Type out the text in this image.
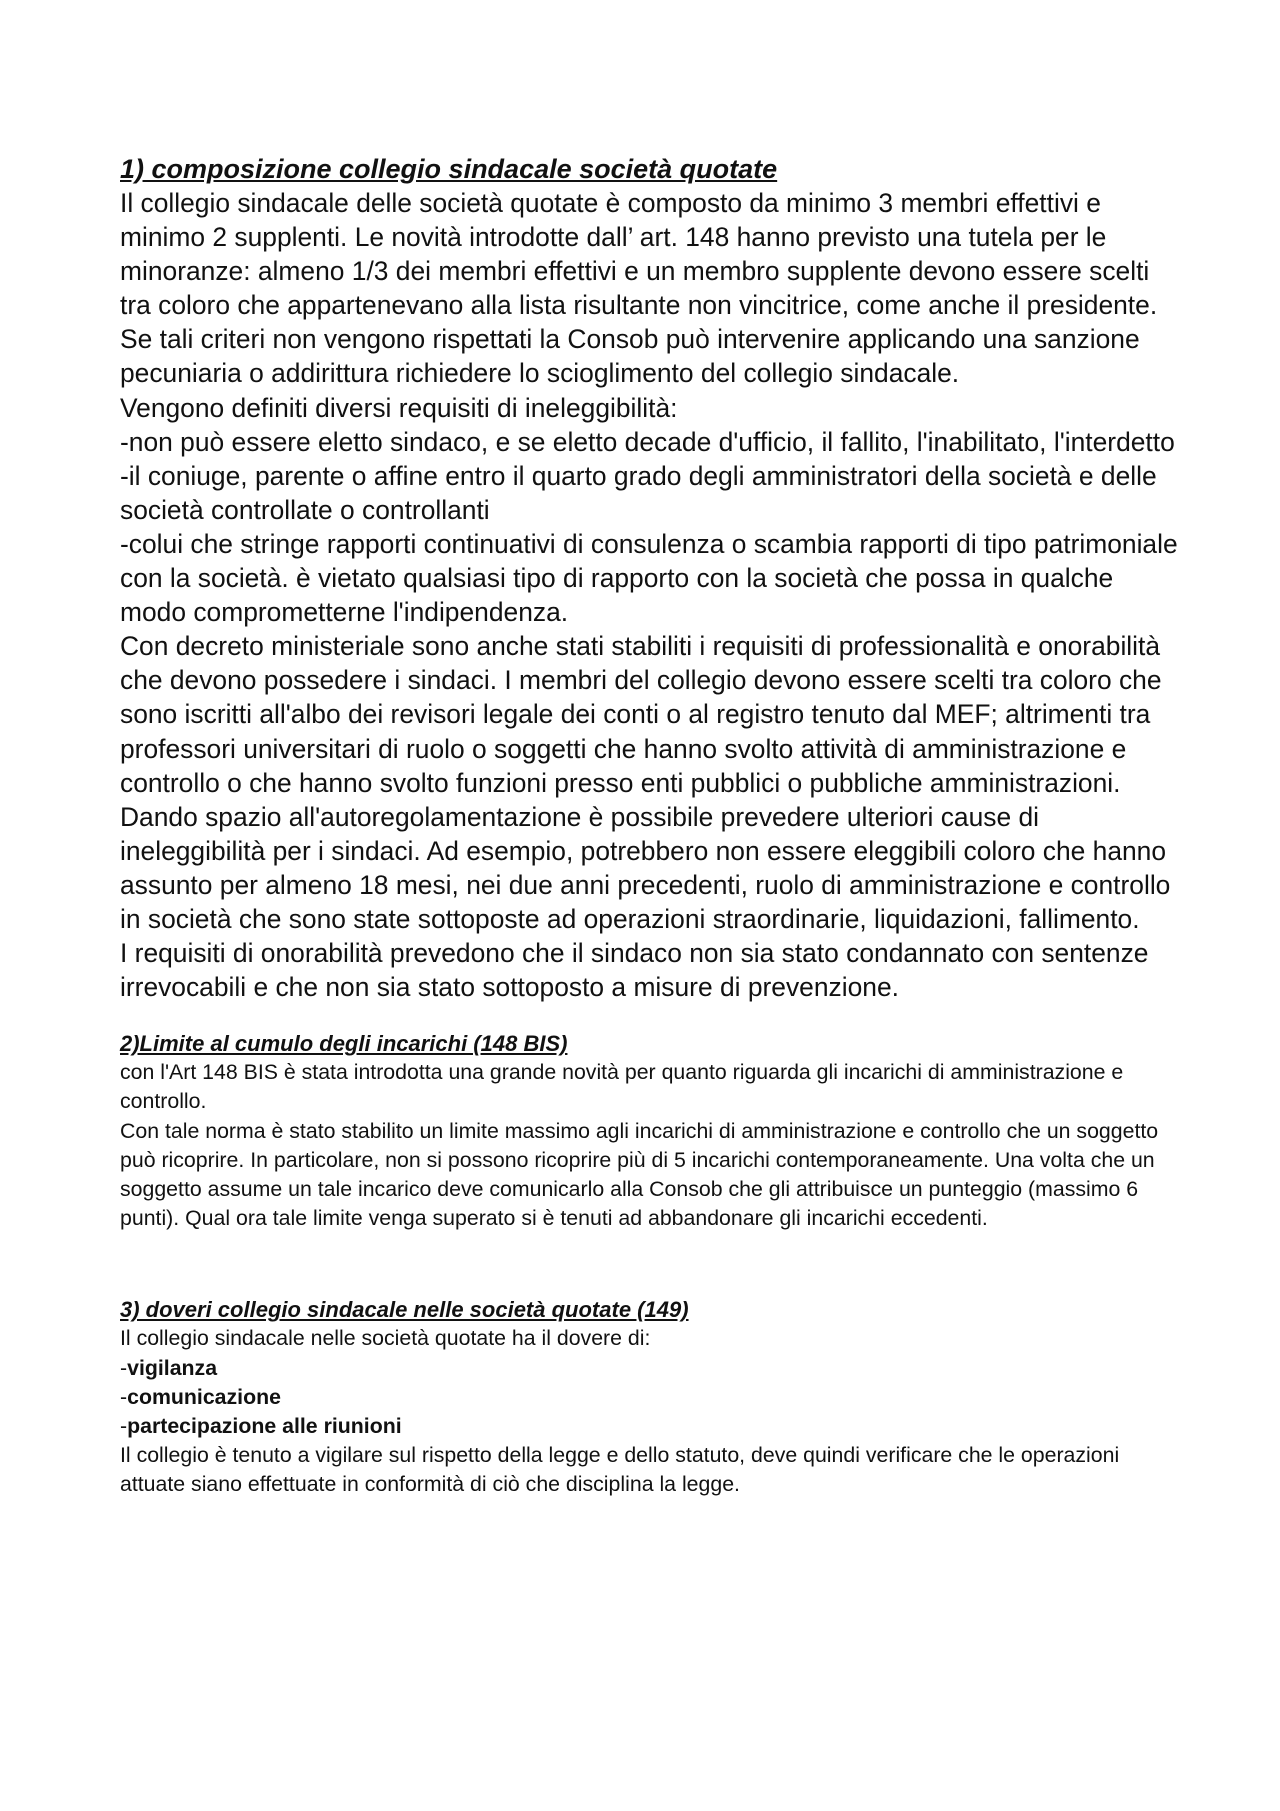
1) composizione collegio sindacale società quotate

Il collegio sindacale delle società quotate è composto da minimo 3 membri effettivi e minimo 2 supplenti. Le novità introdotte dall’ art. 148 hanno previsto una tutela per le minoranze: almeno 1/3 dei membri effettivi e un membro supplente devono essere scelti tra coloro che appartenevano alla lista risultante non vincitrice, come anche il presidente. Se tali criteri non vengono rispettati la Consob può intervenire applicando una sanzione pecuniaria o addirittura richiedere lo scioglimento del collegio sindacale.

Vengono definiti diversi requisiti di ineleggibilità:

-non può essere eletto sindaco, e se eletto decade d'ufficio, il fallito, l'inabilitato, l'interdetto

-il coniuge, parente o affine entro il quarto grado degli amministratori della società e delle società controllate o controllanti

-colui che stringe rapporti continuativi di consulenza o scambia rapporti di tipo patrimoniale con la società. è vietato qualsiasi tipo di rapporto con la società che possa in qualche modo comprometterne l'indipendenza.

Con decreto ministeriale sono anche stati stabiliti i requisiti di professionalità e onorabilità che devono possedere i sindaci. I membri del collegio devono essere scelti tra coloro che sono iscritti all'albo dei revisori legale dei conti o al registro tenuto dal MEF; altrimenti tra professori universitari di ruolo o soggetti che hanno svolto attività di amministrazione e controllo o che hanno svolto funzioni presso enti pubblici o pubbliche amministrazioni.

Dando spazio all'autoregolamentazione è possibile prevedere ulteriori cause di ineleggibilità per i sindaci. Ad esempio, potrebbero non essere eleggibili coloro che hanno assunto per almeno 18 mesi, nei due anni precedenti, ruolo di amministrazione e controllo in società che sono state sottoposte ad operazioni straordinarie, liquidazioni, fallimento.

I requisiti di onorabilità prevedono che il sindaco non sia stato condannato con sentenze irrevocabili e che non sia stato sottoposto a misure di prevenzione.

2)Limite al cumulo degli incarichi (148 BIS)

con l'Art 148 BIS è stata introdotta una grande novità per quanto riguarda gli incarichi di amministrazione e controllo.

Con tale norma è stato stabilito un limite massimo agli incarichi di amministrazione e controllo che un soggetto può ricoprire. In particolare, non si possono ricoprire più di 5 incarichi contemporaneamente. Una volta che un soggetto assume un tale incarico deve comunicarlo alla Consob che gli attribuisce un punteggio (massimo 6 punti). Qual ora tale limite venga superato si è tenuti ad abbandonare gli incarichi eccedenti.

3) doveri collegio sindacale nelle società quotate (149)

Il collegio sindacale nelle società quotate ha il dovere di:

-vigilanza

-comunicazione

-partecipazione alle riunioni

Il collegio è tenuto a vigilare sul rispetto della legge e dello statuto, deve quindi verificare che le operazioni attuate siano effettuate in conformità di ciò che disciplina la legge.
